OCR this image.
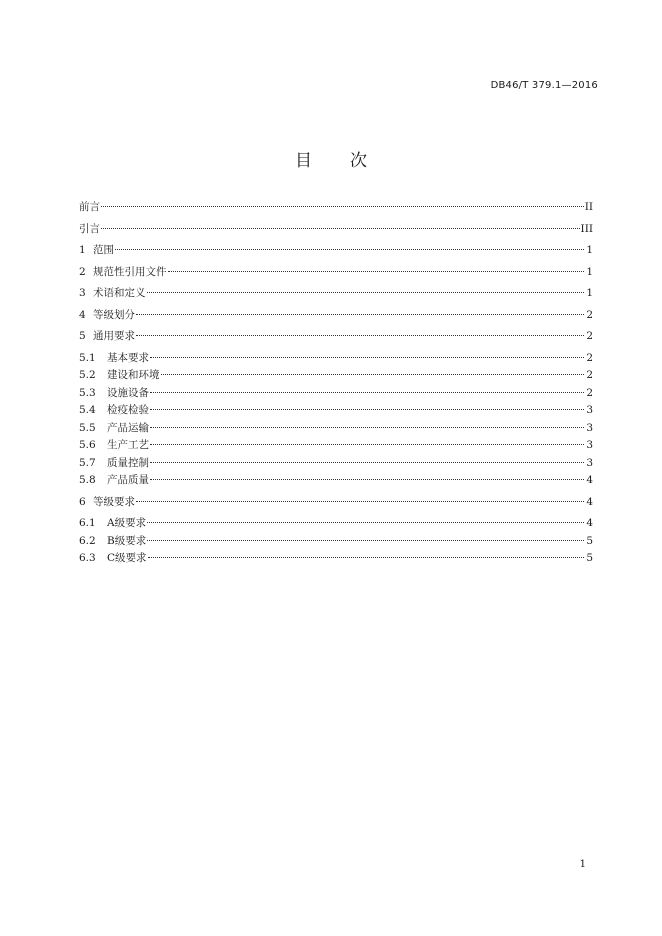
DB46/T 379.1—2016
目次
前言	II
引言	III
1 范围	1
2 规范性引用文件	1
3 术语和定义	1
4 等级划分	2
5 通用要求	2
5.1	基本要求	2
5.2	建设和环境	2
5.3	设施设备	2
5.4	检疫检验	3
5.5	产品运输	3
5.6	生产工艺	3
5.7	质量控制	3
5.8	产品质量	4
6 等级要求	4
6.1	A级要求	4
6.2	B级要求	5
6.3	C级要求	5
1
